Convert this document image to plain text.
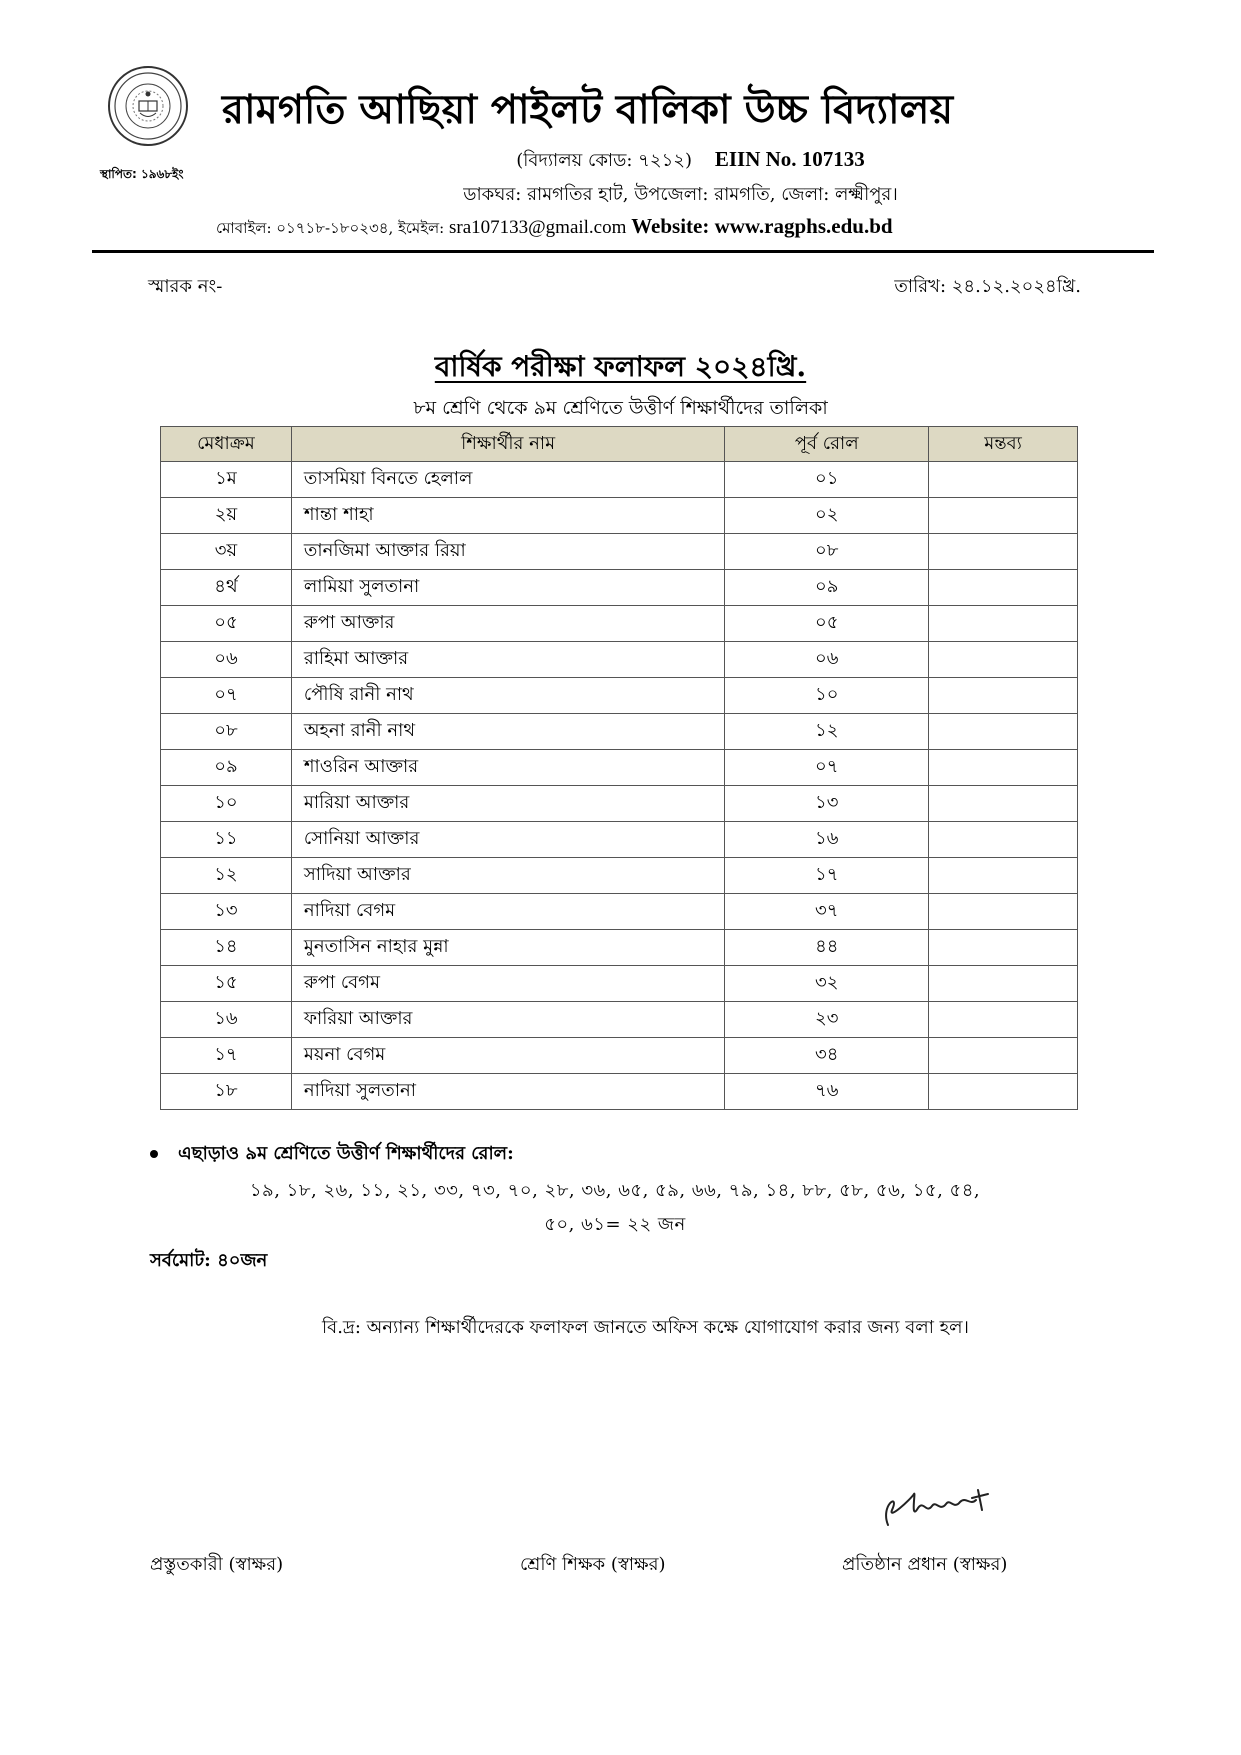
স্থাপিত: ১৯৬৮ইং
রামগতি আছিয়া পাইলট বালিকা উচ্চ বিদ্যালয়
(বিদ্যালয় কোড: ৭২১২) EIIN No. 107133
ডাকঘর: রামগতির হাট, উপজেলা: রামগতি, জেলা: লক্ষ্মীপুর।
মোবাইল: ০১৭১৮-১৮০২৩৪, ইমেইল: sra107133@gmail.com Website: www.ragphs.edu.bd
স্মারক নং-	তারিখ: ২৪.১২.২০২৪খ্রি.
বার্ষিক পরীক্ষা ফলাফল ২০২৪খ্রি.
৮ম শ্রেণি থেকে ৯ম শ্রেণিতে উত্তীর্ণ শিক্ষার্থীদের তালিকা
মেধাক্রম	শিক্ষার্থীর নাম	পূর্ব রোল	মন্তব্য
১ম	তাসমিয়া বিনতে হেলাল	০১	
২য়	শান্তা শাহা	০২	
৩য়	তানজিমা আক্তার রিয়া	০৮	
৪র্থ	লামিয়া সুলতানা	০৯	
০৫	রুপা আক্তার	০৫	
০৬	রাহিমা আক্তার	০৬	
০৭	পৌষি রানী নাথ	১০	
০৮	অহনা রানী নাথ	১২	
০৯	শাওরিন আক্তার	০৭	
১০	মারিয়া আক্তার	১৩	
১১	সোনিয়া আক্তার	১৬	
১২	সাদিয়া আক্তার	১৭	
১৩	নাদিয়া বেগম	৩৭	
১৪	মুনতাসিন নাহার মুন্না	৪৪	
১৫	রুপা বেগম	৩২	
১৬	ফারিয়া আক্তার	২৩	
১৭	ময়না বেগম	৩৪	
১৮	নাদিয়া সুলতানা	৭৬	
এছাড়াও ৯ম শ্রেণিতে উত্তীর্ণ শিক্ষার্থীদের রোল:
১৯, ১৮, ২৬, ১১, ২১, ৩৩, ৭৩, ৭০, ২৮, ৩৬, ৬৫, ৫৯, ৬৬, ৭৯, ১৪, ৮৮, ৫৮, ৫৬, ১৫, ৫৪,
৫০, ৬১= ২২ জন
সর্বমোট: ৪০জন
বি.দ্র: অন্যান্য শিক্ষার্থীদেরকে ফলাফল জানতে অফিস কক্ষে যোগাযোগ করার জন্য বলা হল।
প্রস্তুতকারী (স্বাক্ষর)	শ্রেণি শিক্ষক (স্বাক্ষর)	প্রতিষ্ঠান প্রধান (স্বাক্ষর)
